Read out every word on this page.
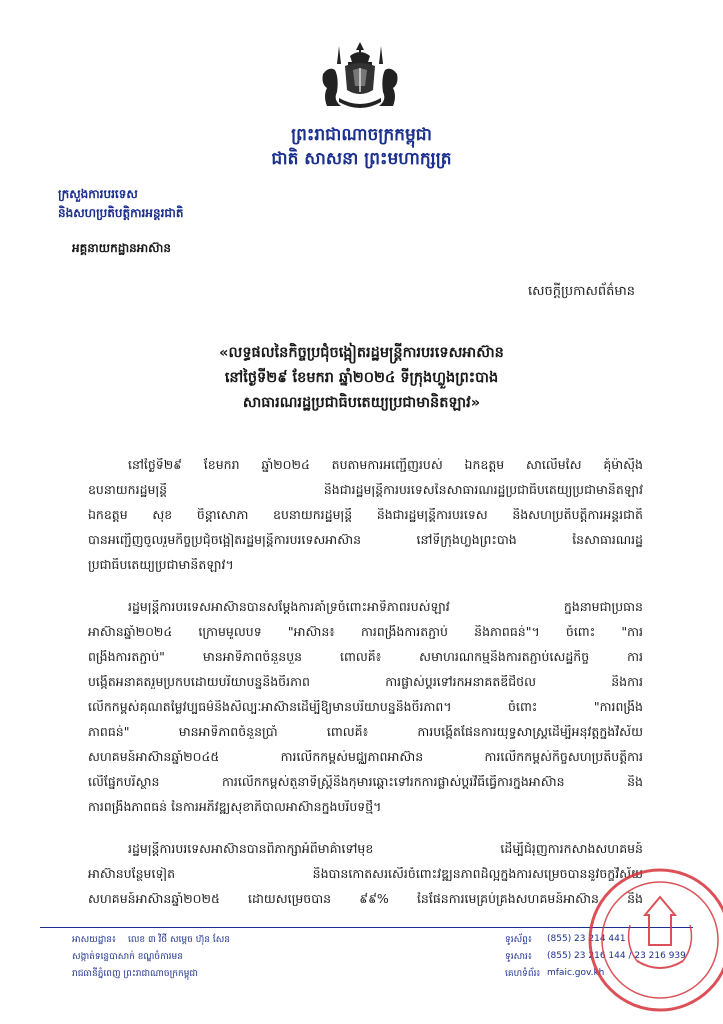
ព្រះរាជាណាចក្រកម្ពុជា
ជាតិ សាសនា ព្រះមហាក្សត្រ
ក្រសួងការបរទេស
និងសហប្រតិបត្តិការអន្តរជាតិ
អគ្គនាយកដ្ឋានអាស៊ាន
សេចក្តីប្រកាសព័ត៌មាន
«លទ្ធផលនៃកិច្ចប្រជុំចង្អៀតរដ្ឋមន្ត្រីការបរទេសអាស៊ាន
នៅថ្ងៃទី២៩ ខែមករា ឆ្នាំ២០២៤ ទីក្រុងហ្លួងព្រះបាង
សាធារណរដ្ឋប្រជាធិបតេយ្យប្រជាមានិតឡាវ»
នៅថ្ងៃទី២៩ ខែមករា ឆ្នាំ២០២៤ តបតាមការអញ្ជើញរបស់ ឯកឧត្តម សាលើមសៃ គុំម៉ាស៊ីង
ឧបនាយករដ្ឋមន្ត្រី និងជារដ្ឋមន្ត្រីការបរទេសនៃសាធារណរដ្ឋប្រជាធិបតេយ្យប្រជាមានិតឡាវ
ឯកឧត្តម សុខ ចិន្តាសោភា ឧបនាយករដ្ឋមន្ត្រី និងជារដ្ឋមន្ត្រីការបរទេស និងសហប្រតិបត្តិការអន្តរជាតិ
បានអញ្ជើញចូលរួមកិច្ចប្រជុំចង្អៀតរដ្ឋមន្ត្រីការបរទេសអាស៊ាន នៅទីក្រុងហ្លួងព្រះបាង នៃសាធារណរដ្ឋ
ប្រជាធិបតេយ្យប្រជាមានិតឡាវ។
រដ្ឋមន្ត្រីការបរទេសអាស៊ានបានសម្តែងការគាំទ្រចំពោះអាទិភាពរបស់ឡាវ ក្នុងនាមជាប្រធាន
អាស៊ានឆ្នាំ២០២៤ ក្រោមមូលបទ "អាស៊ាន៖ ការពង្រឹងការតភ្ជាប់ និងភាពធន់"។ ចំពោះ "ការ
ពង្រឹងការតភ្ជាប់" មានអាទិភាពចំនួនបួន ពោលគឺ៖ សមាហរណកម្មនិងការតភ្ជាប់សេដ្ឋកិច្ច ការ
បង្កើតអនាគតរួមប្រកបដោយបរិយាបន្ននិងចីរភាព ការផ្លាស់ប្តូរទៅរកអនាគតឌីជីថល និងការ
លើកកម្ពស់គុណតម្លៃវប្បធម៌និងសិល្បៈអាស៊ានដើម្បីឱ្យមានបរិយាបន្ននិងចីរភាព។ ចំពោះ "ការពង្រឹង
ភាពធន់" មានអាទិភាពចំនួនប្រាំ ពោលគឺ៖ ការបង្កើតផែនការយុទ្ធសាស្ត្រដើម្បីអនុវត្តក្នុងវិស័យ
សហគមន៍អាស៊ានឆ្នាំ២០៤៥ ការលើកកម្ពស់មជ្ឈភាពអាស៊ាន ការលើកកម្ពស់កិច្ចសហប្រតិបត្តិការ
លើផ្នែកបរិស្ថាន ការលើកកម្ពស់តួនាទីស្ត្រីនិងកុមារឆ្ពោះទៅរកការផ្លាស់ប្តូរវិធីធ្វើការក្នុងអាស៊ាន និង
ការពង្រឹងភាពធន់ នៃការអភិវឌ្ឍសុខាភិបាលអាស៊ានក្នុងបរិបទថ្មី។
រដ្ឋមន្ត្រីការបរទេសអាស៊ានបានពិភាក្សាអំពីមាគ៌ាទៅមុខ ដើម្បីជំរុញការកសាងសហគមន៍
អាស៊ានបន្ថែមទៀត និងបានកោតសរសើរចំពោះវឌ្ឍនភាពដ៏ល្អក្នុងការសម្រេចបាននូវចក្ខុវិស័យ
សហគមន៍អាស៊ានឆ្នាំ២០២៥ ដោយសម្រេចបាន ៩៩% នៃផែនការមេគ្រប់គ្រងសហគមន៍អាស៊ាន និង
អាសយដ្ឋាន៖ លេខ ៣ វិថី សម្តេច ហ៊ុន សែន
សង្កាត់ទន្លេបាសាក់ ខណ្ឌចំការមន
រាជធានីភ្នំពេញ ព្រះរាជាណាចក្រកម្ពុជា
ទូរស័ព្ទ៖ (855) 23 214 441
ទូរសារ៖ (855) 23 216 144 / 23 216 939
គេហទំព័រ៖ mfaic.gov.kh
